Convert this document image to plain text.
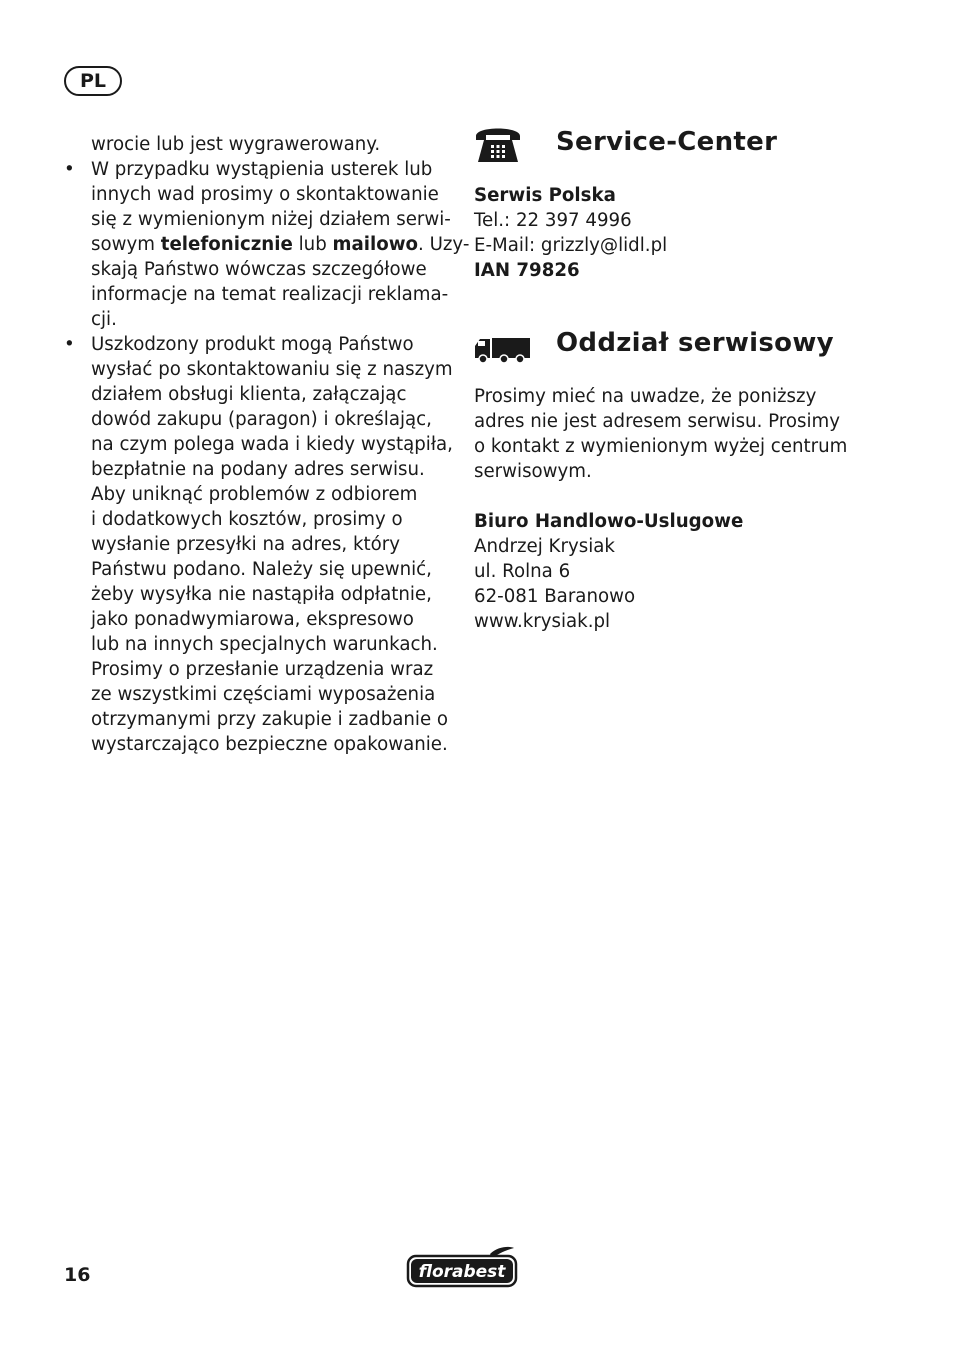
PL
wrocie lub jest wygrawerowany.
• W przypadku wystąpienia usterek lub
innych wad prosimy o skontaktowanie
się z wymienionym niżej działem serwi-
sowym telefonicznie lub mailowo. Uzy-
skają Państwo wówczas szczegółowe
informacje na temat realizacji reklama-
cji.
• Uszkodzony produkt mogą Państwo
wysłać po skontaktowaniu się z naszym
działem obsługi klienta, załączając
dowód zakupu (paragon) i określając,
na czym polega wada i kiedy wystąpiła,
bezpłatnie na podany adres serwisu.
Aby uniknąć problemów z odbiorem
i dodatkowych kosztów, prosimy o
wysłanie przesyłki na adres, który
Państwu podano. Należy się upewnić,
żeby wysyłka nie nastąpiła odpłatnie,
jako ponadwymiarowa, ekspresowo
lub na innych specjalnych warunkach.
Prosimy o przesłanie urządzenia wraz
ze wszystkimi częściami wyposażenia
otrzymanymi przy zakupie i zadbanie o
wystarczająco bezpieczne opakowanie.
Service-Center
Serwis Polska
Tel.: 22 397 4996
E-Mail: grizzly@lidl.pl
IAN 79826
Oddział serwisowy
Prosimy mieć na uwadze, że poniższy
adres nie jest adresem serwisu. Prosimy
o kontakt z wymienionym wyżej centrum
serwisowym.
Biuro Handlowo-Uslugowe
Andrzej Krysiak
ul. Rolna 6
62-081 Baranowo
www.krysiak.pl
16	florabest
